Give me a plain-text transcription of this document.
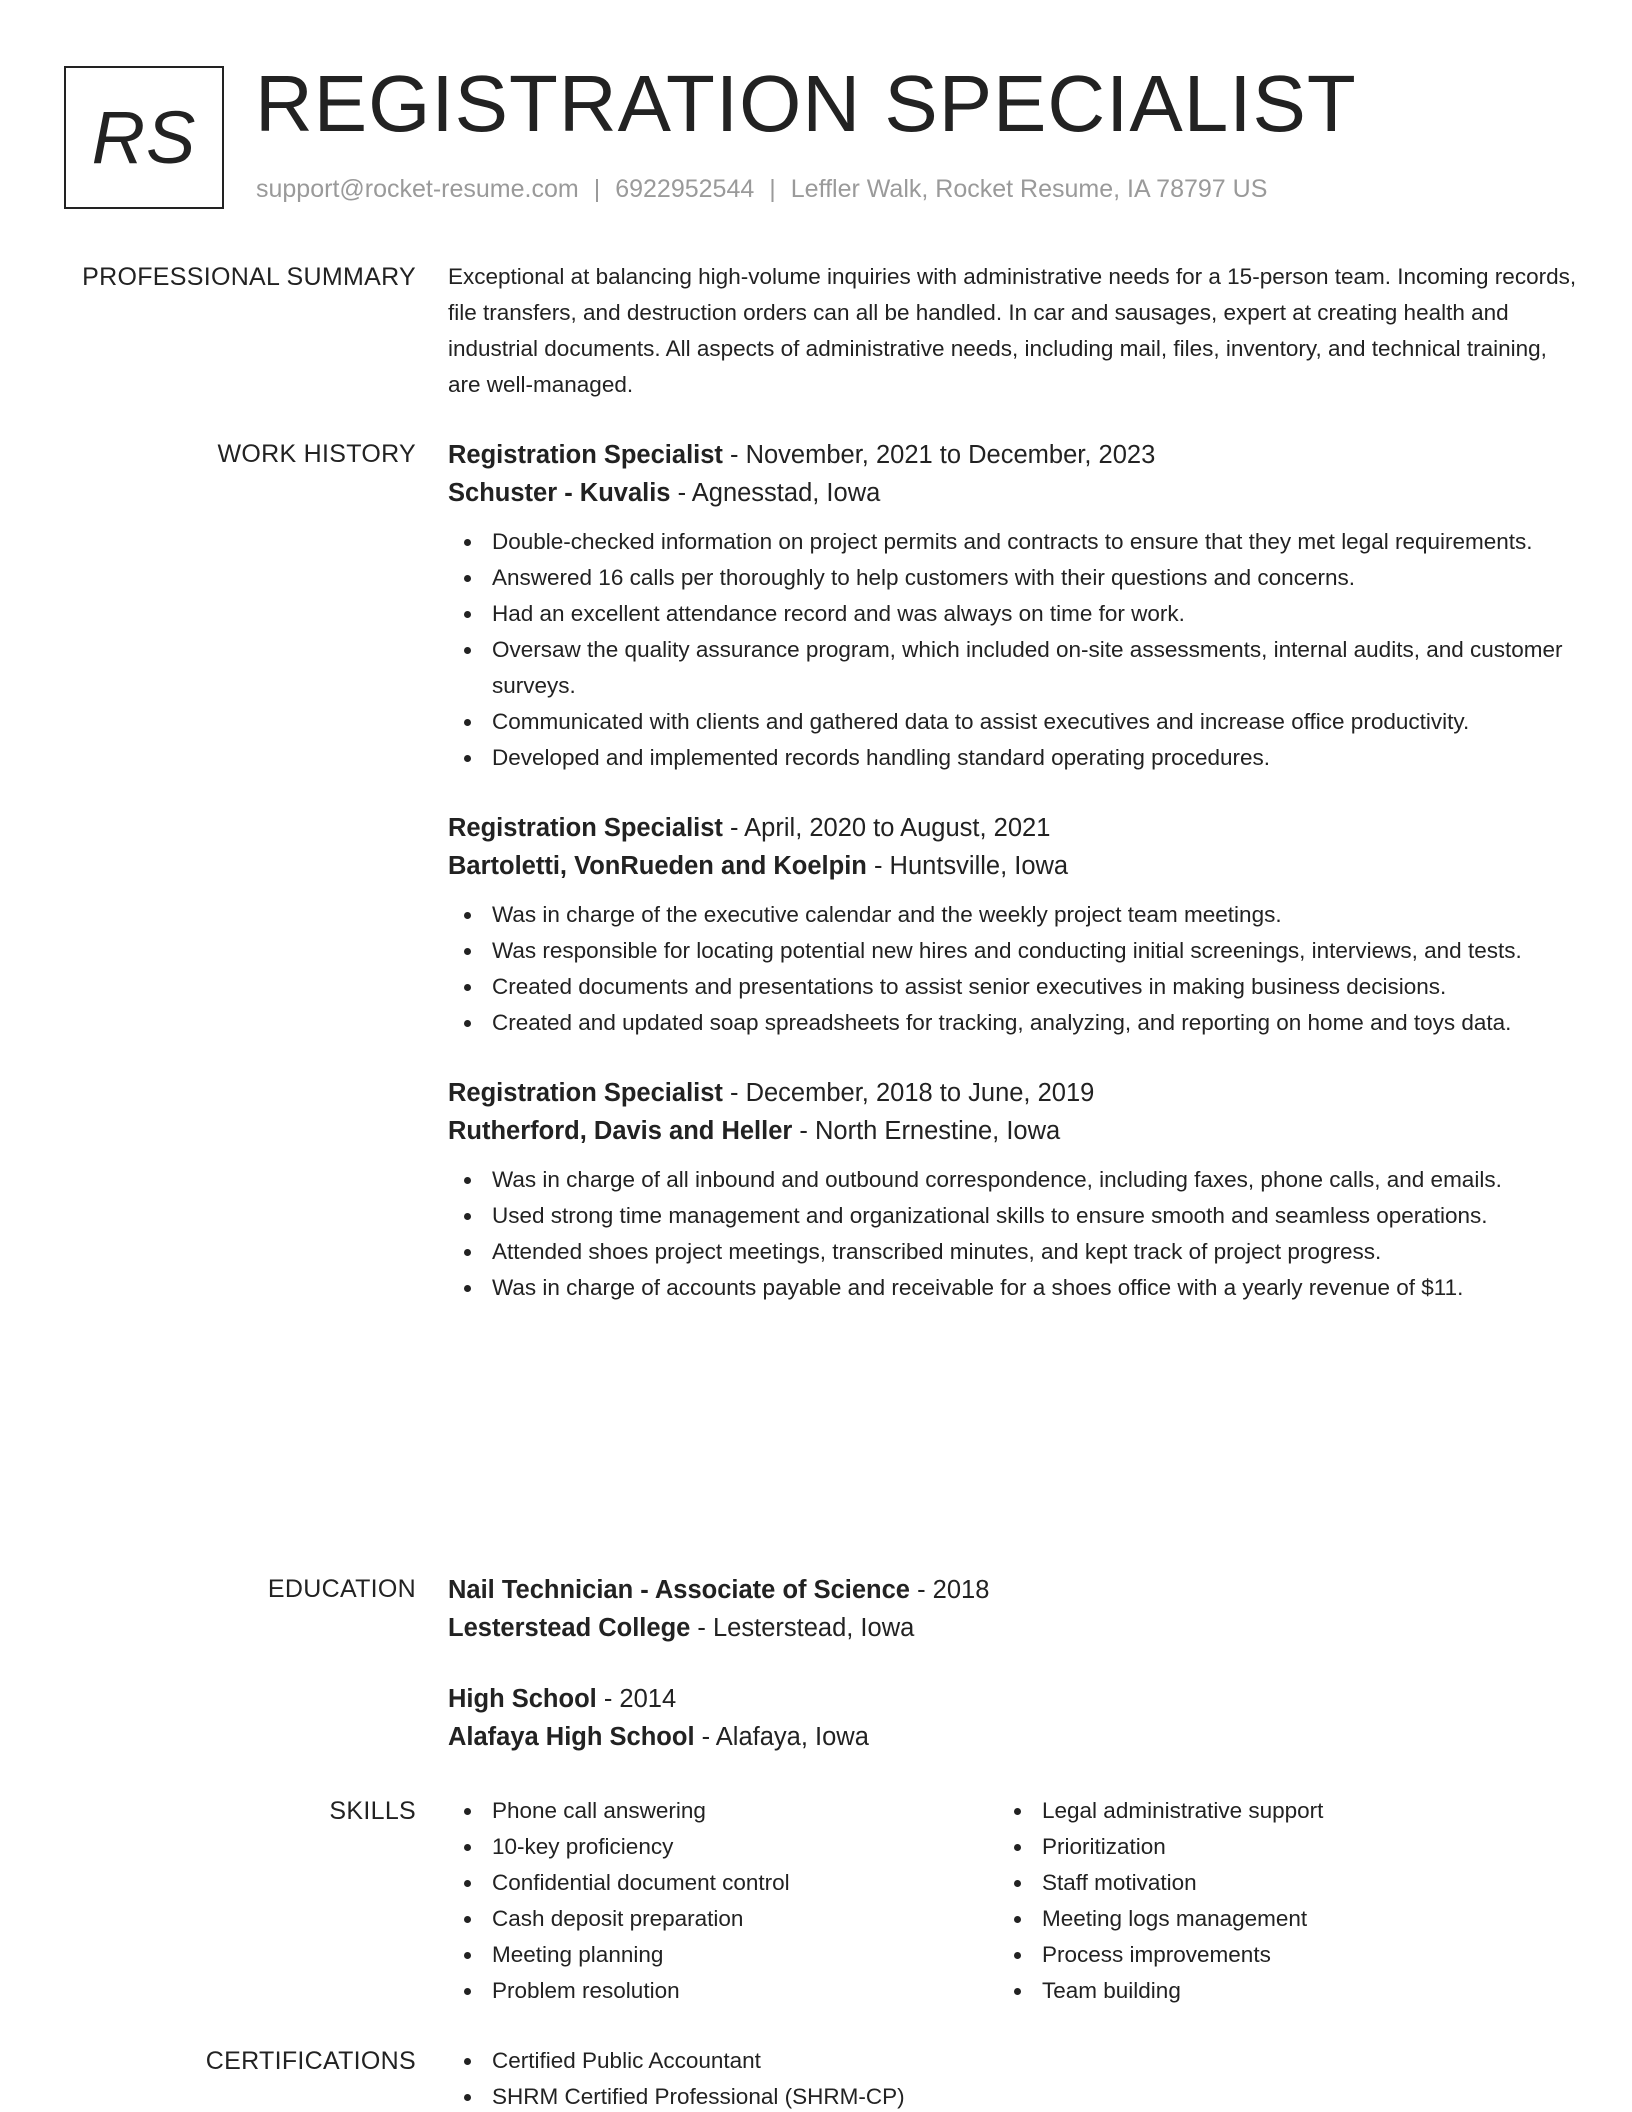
RS REGISTRATION SPECIALIST
support@rocket-resume.com | 6922952544 | Leffler Walk, Rocket Resume, IA 78797 US
PROFESSIONAL SUMMARY Exceptional at balancing high-volume inquiries with administrative needs for a 15-person team. Incoming records, file transfers, and destruction orders can all be handled. In car and sausages, expert at creating health and industrial documents. All aspects of administrative needs, including mail, files, inventory, and technical training, are well-managed.

WORK HISTORY Registration Specialist - November, 2021 to December, 2023
Schuster - Kuvalis - Agnesstad, Iowa
Double-checked information on project permits and contracts to ensure that they met legal requirements.
Answered 16 calls per thoroughly to help customers with their questions and concerns.
Had an excellent attendance record and was always on time for work.
Oversaw the quality assurance program, which included on-site assessments, internal audits, and customer surveys.
Communicated with clients and gathered data to assist executives and increase office productivity.
Developed and implemented records handling standard operating procedures.
Registration Specialist - April, 2020 to August, 2021
Bartoletti, VonRueden and Koelpin - Huntsville, Iowa
Was in charge of the executive calendar and the weekly project team meetings.
Was responsible for locating potential new hires and conducting initial screenings, interviews, and tests.
Created documents and presentations to assist senior executives in making business decisions.
Created and updated soap spreadsheets for tracking, analyzing, and reporting on home and toys data.
Registration Specialist - December, 2018 to June, 2019
Rutherford, Davis and Heller - North Ernestine, Iowa
Was in charge of all inbound and outbound correspondence, including faxes, phone calls, and emails.
Used strong time management and organizational skills to ensure smooth and seamless operations.
Attended shoes project meetings, transcribed minutes, and kept track of project progress.
Was in charge of accounts payable and receivable for a shoes office with a yearly revenue of $11.
EDUCATION Nail Technician - Associate of Science - 2018
Lesterstead College - Lesterstead, Iowa
High School - 2014
Alafaya High School - Alafaya, Iowa
SKILLS	Phone call answering
10-key proficiency
Confidential document control
Cash deposit preparation
Meeting planning
Problem resolution
Legal administrative support
Prioritization
Staff motivation
Meeting logs management
Process improvements
Team building
CERTIFICATIONS	Certified Public Accountant
SHRM Certified Professional (SHRM-CP)
